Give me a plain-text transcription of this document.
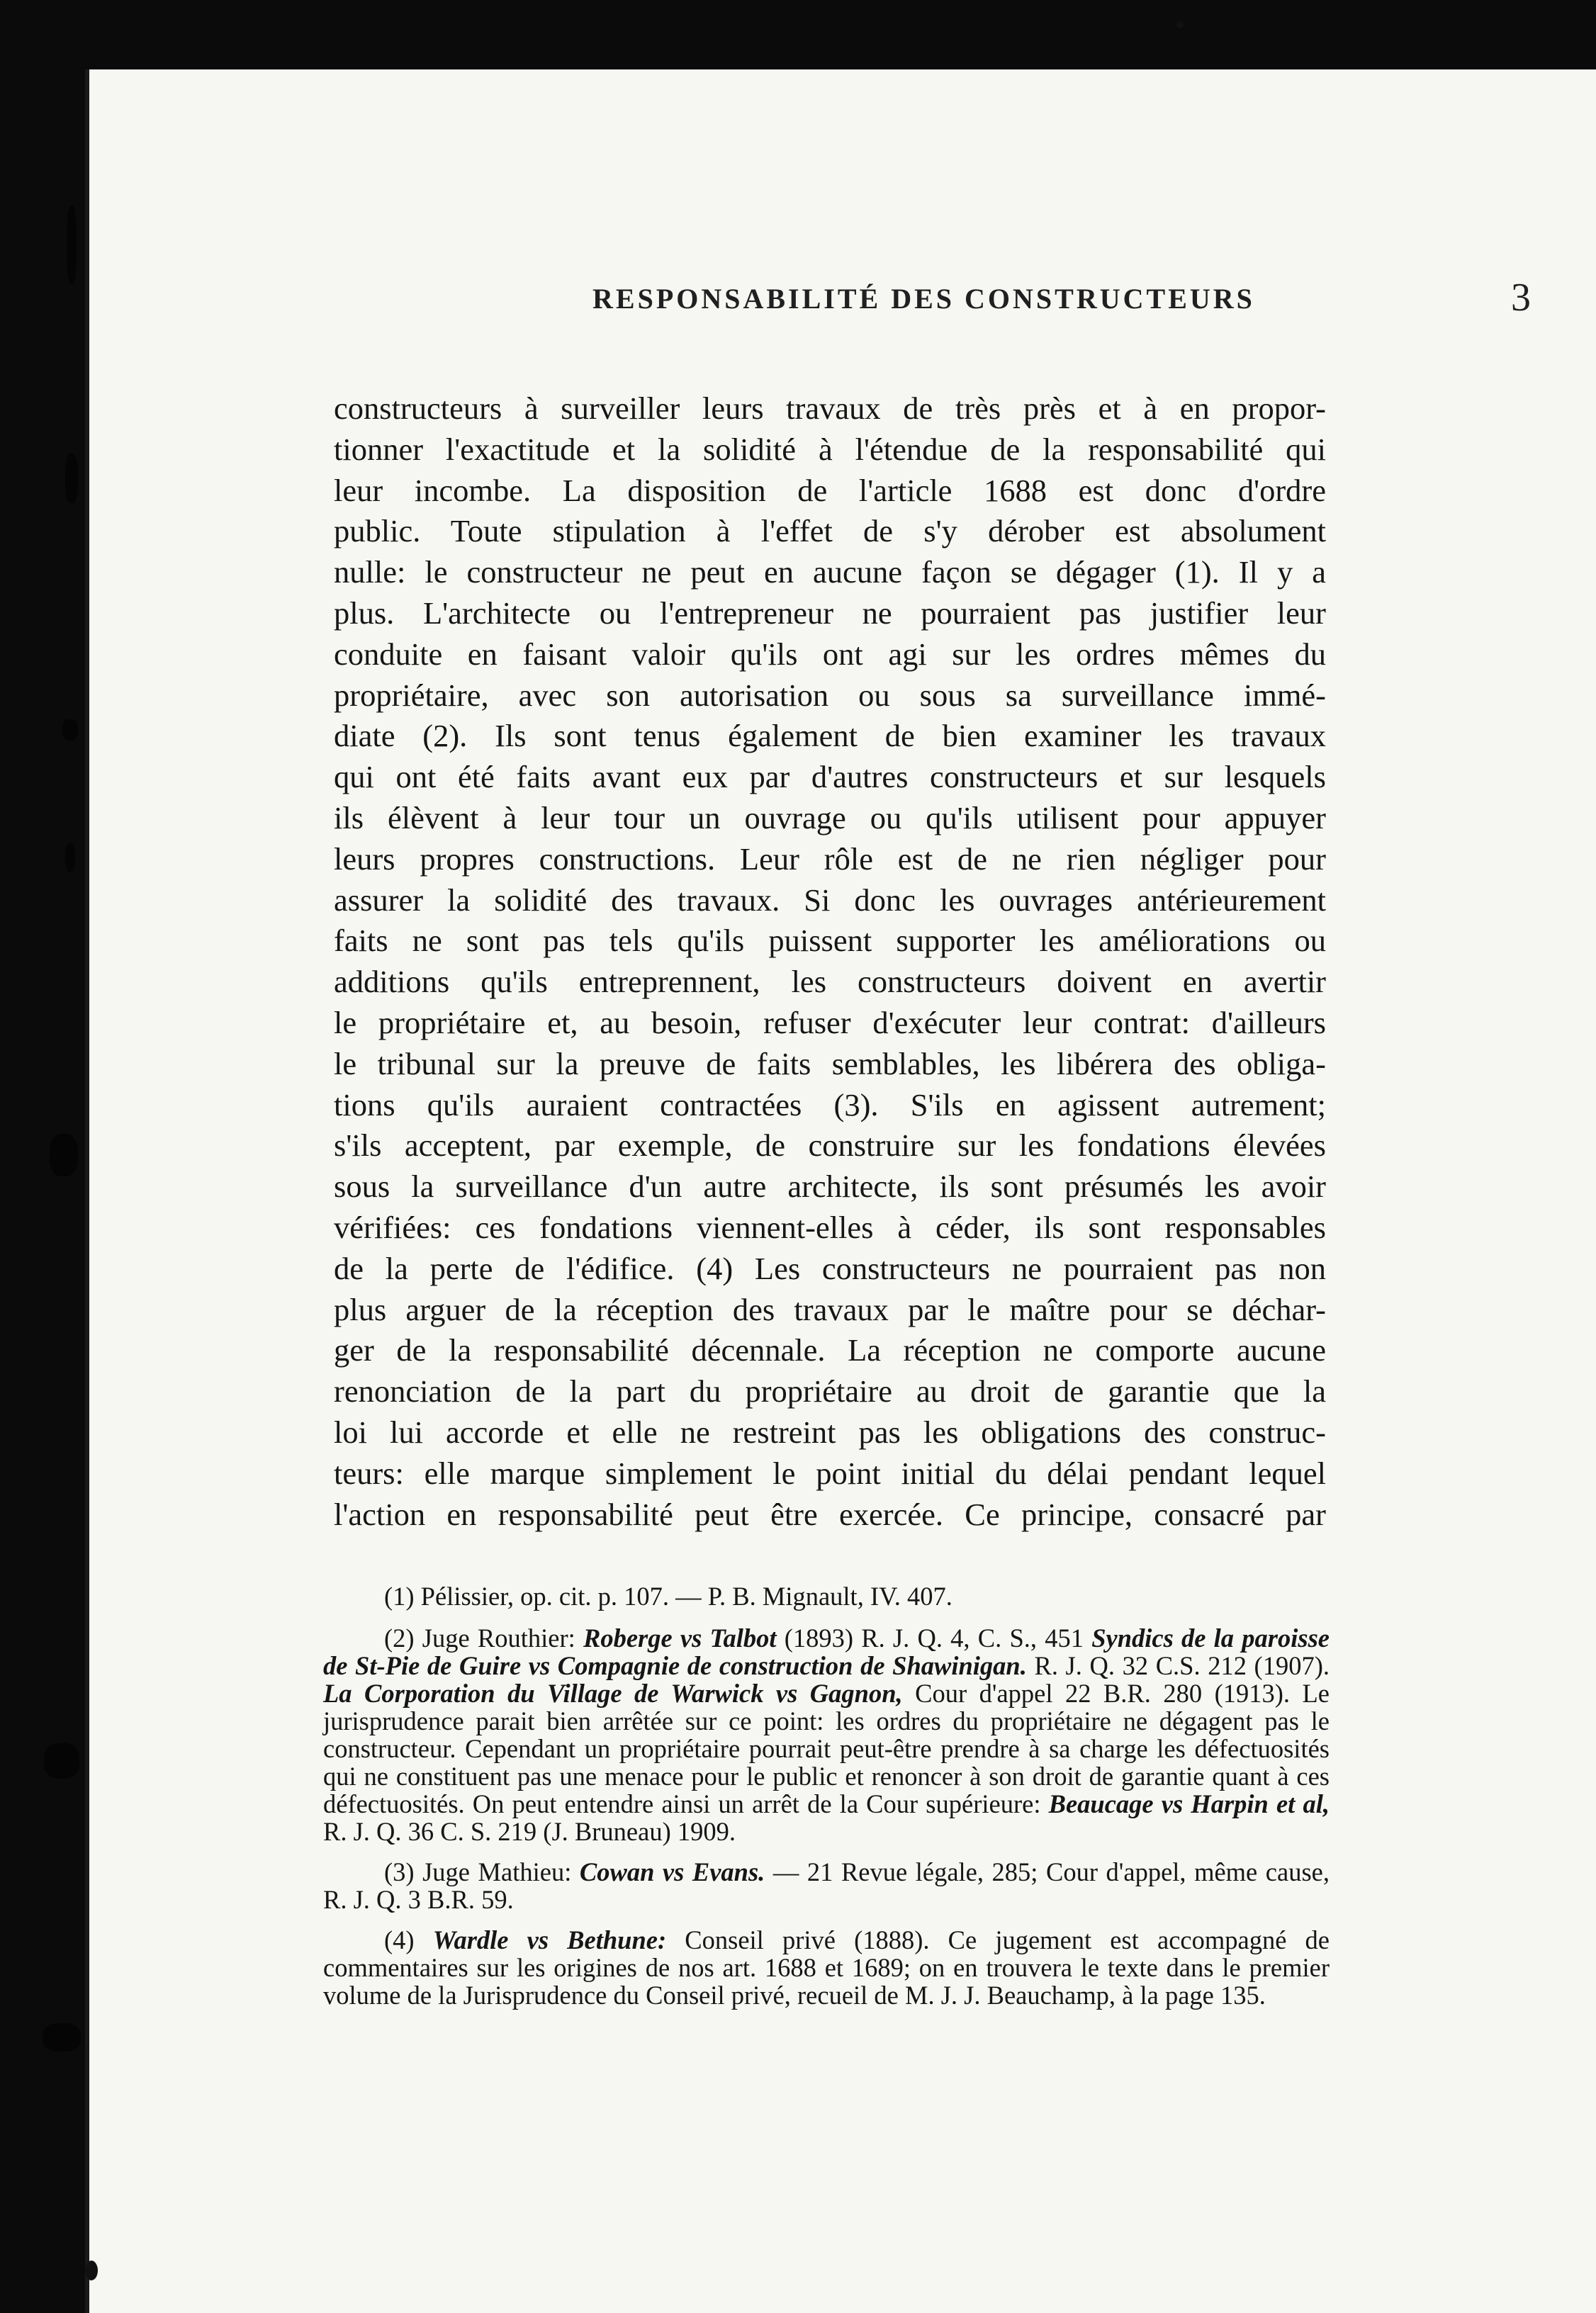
RESPONSABILITÉ DES CONSTRUCTEURS	3
constructeurs à surveiller leurs travaux de très près et à en propor-
tionner l'exactitude et la solidité à l'étendue de la responsabilité qui
leur incombe. La disposition de l'article 1688 est donc d'ordre
public. Toute stipulation à l'effet de s'y dérober est absolument
nulle: le constructeur ne peut en aucune façon se dégager (1). Il y a
plus. L'architecte ou l'entrepreneur ne pourraient pas justifier leur
conduite en faisant valoir qu'ils ont agi sur les ordres mêmes du
propriétaire, avec son autorisation ou sous sa surveillance immé-
diate (2). Ils sont tenus également de bien examiner les travaux
qui ont été faits avant eux par d'autres constructeurs et sur lesquels
ils élèvent à leur tour un ouvrage ou qu'ils utilisent pour appuyer
leurs propres constructions. Leur rôle est de ne rien négliger pour
assurer la solidité des travaux. Si donc les ouvrages antérieurement
faits ne sont pas tels qu'ils puissent supporter les améliorations ou
additions qu'ils entreprennent, les constructeurs doivent en avertir
le propriétaire et, au besoin, refuser d'exécuter leur contrat: d'ailleurs
le tribunal sur la preuve de faits semblables, les libérera des obliga-
tions qu'ils auraient contractées (3). S'ils en agissent autrement;
s'ils acceptent, par exemple, de construire sur les fondations élevées
sous la surveillance d'un autre architecte, ils sont présumés les avoir
vérifiées: ces fondations viennent-elles à céder, ils sont responsables
de la perte de l'édifice. (4) Les constructeurs ne pourraient pas non
plus arguer de la réception des travaux par le maître pour se déchar-
ger de la responsabilité décennale. La réception ne comporte aucune
renonciation de la part du propriétaire au droit de garantie que la
loi lui accorde et elle ne restreint pas les obligations des construc-
teurs: elle marque simplement le point initial du délai pendant lequel
l'action en responsabilité peut être exercée. Ce principe, consacré par

(1) Pélissier, op. cit. p. 107. — P. B. Mignault, IV. 407.

(2) Juge Routhier: Roberge vs Talbot (1893) R. J. Q. 4, C. S., 451 Syndics de la paroisse de St-Pie de Guire vs Compagnie de construction de Shawinigan. R. J. Q. 32 C.S. 212 (1907). La Corporation du Village de Warwick vs Gagnon, Cour d'appel 22 B.R. 280 (1913). Le jurisprudence parait bien arrêtée sur ce point: les ordres du propriétaire ne dégagent pas le constructeur. Cependant un propriétaire pourrait peut-être prendre à sa charge les défectuosités qui ne constituent pas une menace pour le public et renoncer à son droit de garantie quant à ces défectuosités. On peut entendre ainsi un arrêt de la Cour supérieure: Beaucage vs Harpin et al, R. J. Q. 36 C. S. 219 (J. Bruneau) 1909.

(3) Juge Mathieu: Cowan vs Evans. — 21 Revue légale, 285; Cour d'appel, même cause, R. J. Q. 3 B.R. 59.

(4) Wardle vs Bethune: Conseil privé (1888). Ce jugement est accompagné de commentaires sur les origines de nos art. 1688 et 1689; on en trouvera le texte dans le premier volume de la Jurisprudence du Conseil privé, recueil de M. J. J. Beauchamp, à la page 135.
